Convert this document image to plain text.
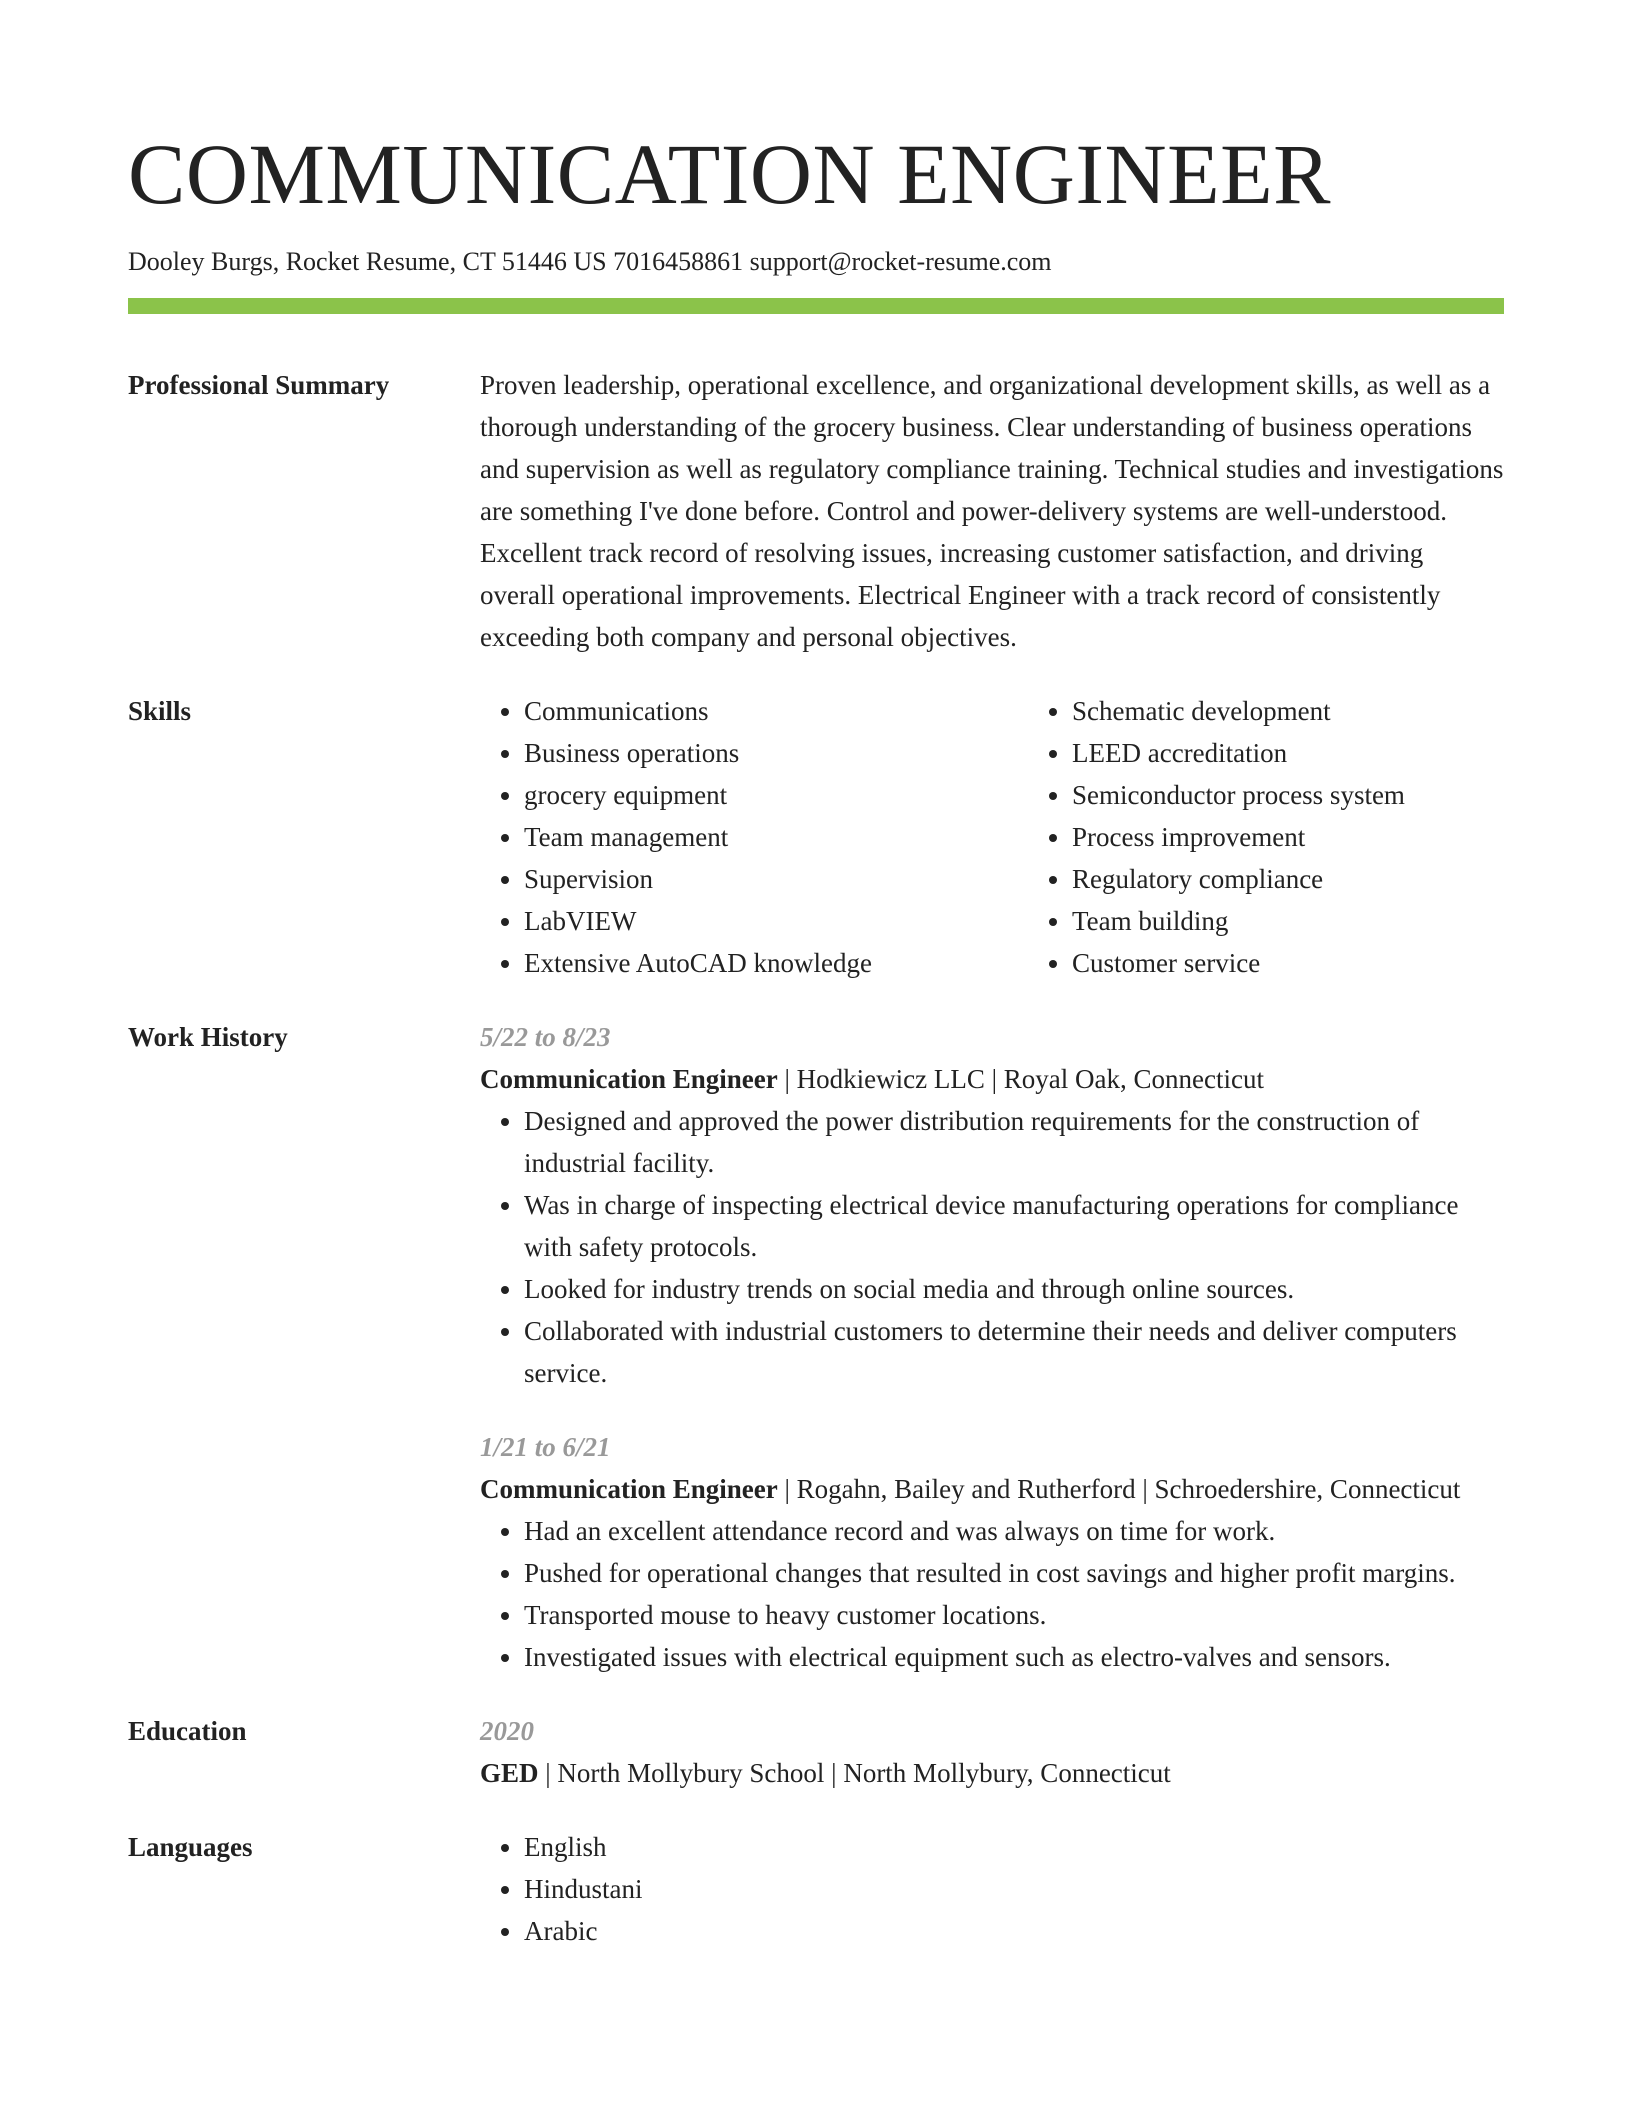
COMMUNICATION ENGINEER
Dooley Burgs, Rocket Resume, CT 51446 US 7016458861 support@rocket-resume.com
Professional Summary	Proven leadership, operational excellence, and organizational development skills, as well as a thorough understanding of the grocery business. Clear understanding of business operations and supervision as well as regulatory compliance training. Technical studies and investigations are something I've done before. Control and power-delivery systems are well-understood. Excellent track record of resolving issues, increasing customer satisfaction, and driving overall operational improvements. Electrical Engineer with a track record of consistently exceeding both company and personal objectives.
Skills	• Communications
• Business operations
• grocery equipment
• Team management
• Supervision
• LabVIEW
• Extensive AutoCAD knowledge
• Schematic development
• LEED accreditation
• Semiconductor process system
• Process improvement
• Regulatory compliance
• Team building
• Customer service
Work History	5/22 to 8/23
Communication Engineer | Hodkiewicz LLC | Royal Oak, Connecticut
• Designed and approved the power distribution requirements for the construction of industrial facility.
• Was in charge of inspecting electrical device manufacturing operations for compliance with safety protocols.
• Looked for industry trends on social media and through online sources.
• Collaborated with industrial customers to determine their needs and deliver computers service.
1/21 to 6/21
Communication Engineer | Rogahn, Bailey and Rutherford | Schroedershire, Connecticut
• Had an excellent attendance record and was always on time for work.
• Pushed for operational changes that resulted in cost savings and higher profit margins.
• Transported mouse to heavy customer locations.
• Investigated issues with electrical equipment such as electro-valves and sensors.
Education	2020
GED | North Mollybury School | North Mollybury, Connecticut
Languages	• English
• Hindustani
• Arabic
